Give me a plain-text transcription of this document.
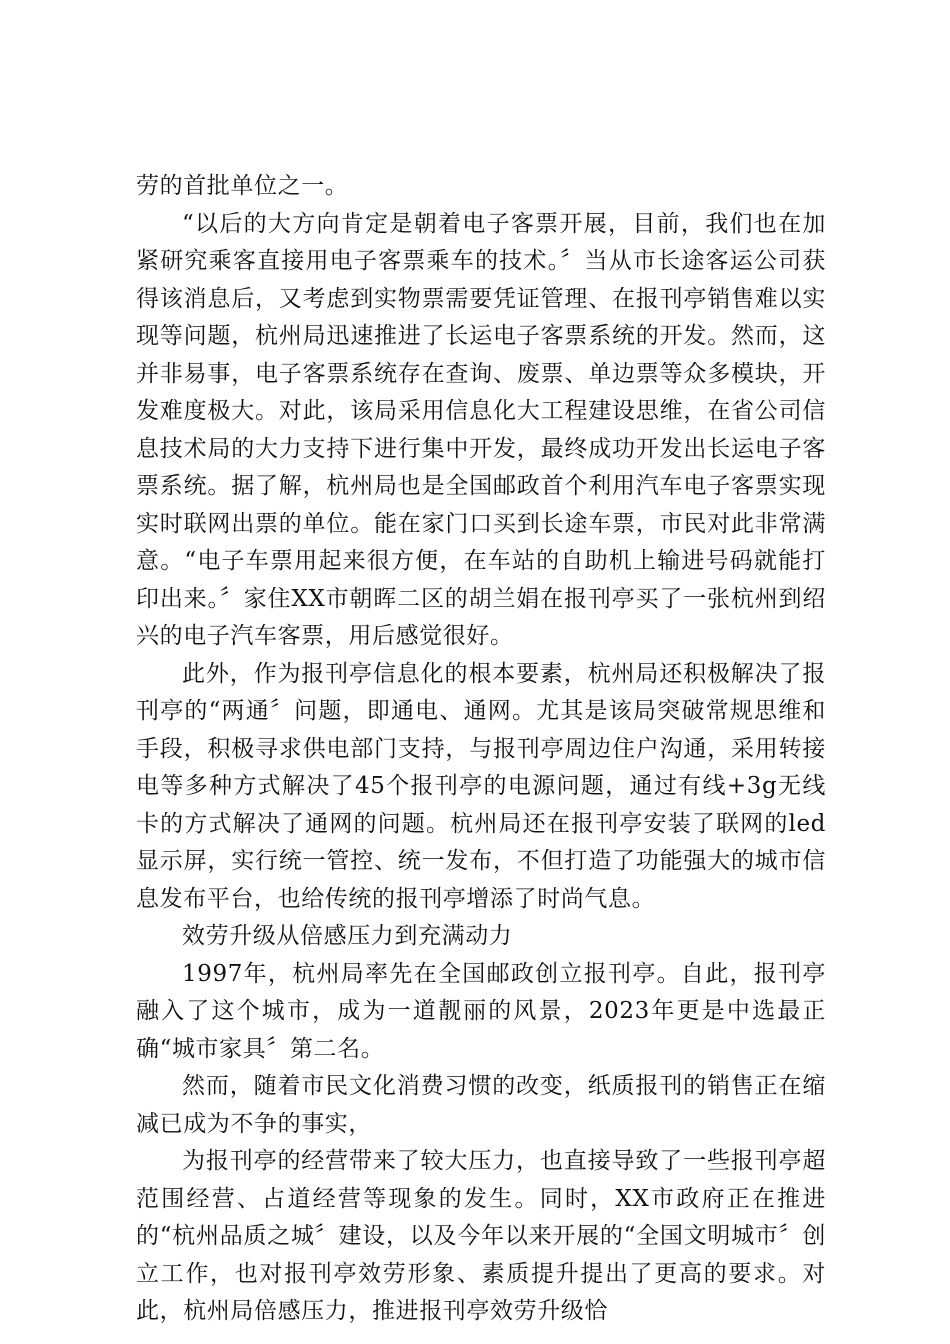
劳的首批单位之一。

“以后的大方向肯定是朝着电子客票开展，目前，我们也在加紧研究乘客直接用电子客票乘车的技术。〞当从市长途客运公司获得该消息后，又考虑到实物票需要凭证管理、在报刊亭销售难以实现等问题，杭州局迅速推进了长运电子客票系统的开发。然而，这并非易事，电子客票系统存在查询、废票、单边票等众多模块，开发难度极大。对此，该局采用信息化大工程建设思维，在省公司信息技术局的大力支持下进行集中开发，最终成功开发出长运电子客票系统。据了解，杭州局也是全国邮政首个利用汽车电子客票实现实时联网出票的单位。能在家门口买到长途车票，市民对此非常满意。“电子车票用起来很方便，在车站的自助机上输进号码就能打印出来。〞家住XX市朝晖二区的胡兰娟在报刊亭买了一张杭州到绍兴的电子汽车客票，用后感觉很好。

此外，作为报刊亭信息化的根本要素，杭州局还积极解决了报刊亭的“两通〞问题，即通电、通网。尤其是该局突破常规思维和手段，积极寻求供电部门支持，与报刊亭周边住户沟通，采用转接电等多种方式解决了45个报刊亭的电源问题，通过有线+3g无线卡的方式解决了通网的问题。杭州局还在报刊亭安装了联网的led显示屏，实行统一管控、统一发布，不但打造了功能强大的城市信息发布平台，也给传统的报刊亭增添了时尚气息。

效劳升级从倍感压力到充满动力

1997年，杭州局率先在全国邮政创立报刊亭。自此，报刊亭融入了这个城市，成为一道靓丽的风景，2023年更是中选最正确“城市家具〞第二名。

然而，随着市民文化消费习惯的改变，纸质报刊的销售正在缩减已成为不争的事实，

为报刊亭的经营带来了较大压力，也直接导致了一些报刊亭超范围经营、占道经营等现象的发生。同时，XX市政府正在推进的“杭州品质之城〞建设，以及今年以来开展的“全国文明城市〞创立工作，也对报刊亭效劳形象、素质提升提出了更高的要求。对此，杭州局倍感压力，推进报刊亭效劳升级恰
